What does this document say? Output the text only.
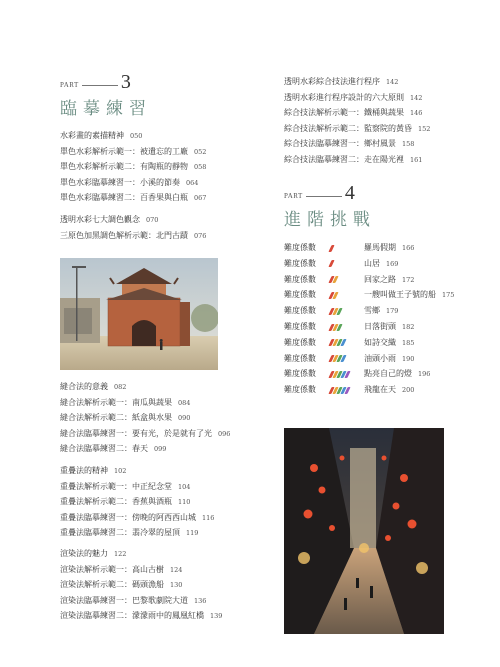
PART 3
臨摹練習
水彩畫的素描精神 050
單色水彩解析示範一：被遺忘的工廠 052
單色水彩解析示範二：有陶瓶的靜物 058
單色水彩臨摹練習一：小溪的節奏 064
單色水彩臨摹練習二：百香果與白瓶 067
透明水彩七大調色觀念 070
三原色加黑調色解析示範：北門古蹟 076
縫合法的意義 082
縫合法解析示範一：南瓜與蔬果 084
縫合法解析示範二：紙盒與水果 090
縫合法臨摹練習一：要有光，於是就有了光 096
縫合法臨摹練習二：春天 099
重疊法的精神 102
重疊法解析示範一：中正紀念堂 104
重疊法解析示範二：香蕉與酒瓶 110
重疊法臨摹練習一：傍晚的阿西西山城 116
重疊法臨摹練習二：翡冷翠的屋頂 119
渲染法的魅力 122
渲染法解析示範一：高山古樹 124
渲染法解析示範二：碼頭漁船 130
渲染法臨摹練習一：巴黎歌劇院大道 136
渲染法臨摹練習二：濛濛雨中的鳳凰紅橋 139
透明水彩綜合技法進行程序 142
透明水彩進行程序設計的六大原則 142
綜合技法解析示範一：鐵桶與蔬果 146
綜合技法解析示範二：監察院的黃昏 152
綜合技法臨摹練習一：鄉村風景 158
綜合技法臨摹練習二：走在陽光裡 161
PART 4
進階挑戰
難度係數	羅馬假期 166
難度係數	山居 169
難度係數	回家之路 172
難度係數	一艘叫做王子號的船 175
難度係數	雪鄉 179
難度係數	日落街頭 182
難度係數	如詩交織 185
難度係數	油頭小雨 190
難度係數	點亮自己的燈 196
難度係數	飛龍在天 200
